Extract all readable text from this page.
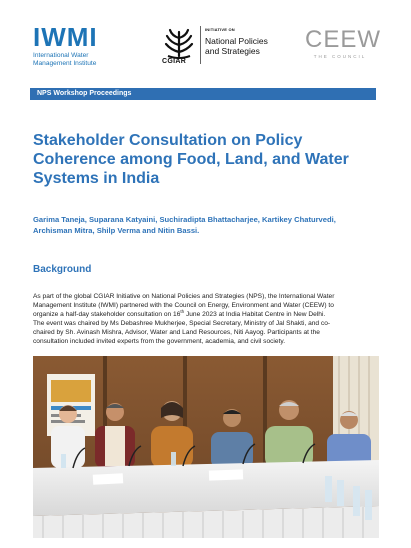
IWMI
International Water
Management Institute	CGIAR
INITIATIVE ON
National Policies
and Strategies CEEW
THE COUNCIL
NPS Workshop Proceedings
Stakeholder Consultation on Policy
Coherence among Food, Land, and Water
Systems in India
Garima Taneja, Suparana Katyaini, Suchiradipta Bhattacharjee, Kartikey Chaturvedi,
Archisman Mitra, Shilp Verma and Nitin Bassi.
Background
As part of the global CGIAR Initiative on National Policies and Strategies (NPS), the International Water
Management Institute (IWMI) partnered with the Council on Energy, Environment and Water (CEEW) to
organize a half-day stakeholder consultation on 16th June 2023 at India Habitat Centre in New Delhi.
The event was chaired by Ms Debashree Mukherjee, Special Secretary, Ministry of Jal Shakti, and co-
chaired by Sh. Avinash Mishra, Advisor, Water and Land Resources, Niti Aayog. Participants at the
consultation included invited experts from the government, academia, and civil society.
